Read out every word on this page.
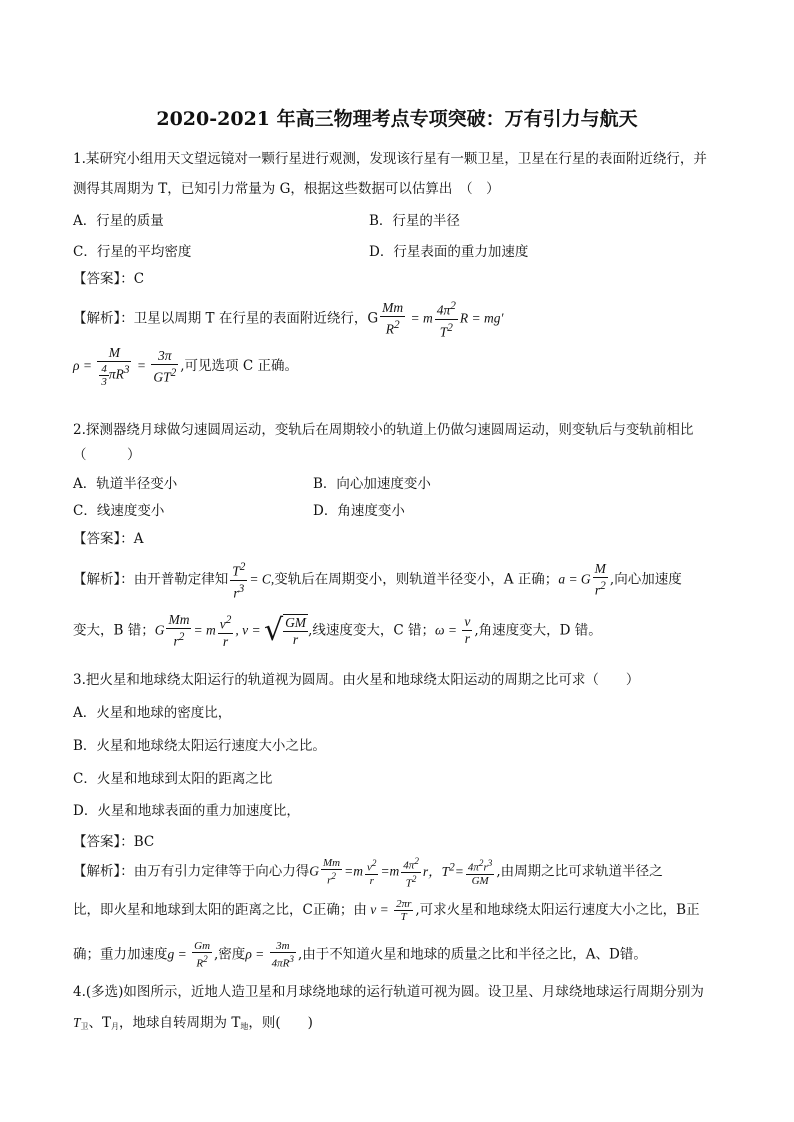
2020-2021 年高三物理考点专项突破：万有引力与航天
1.某研究小组用天文望远镜对一颗行星进行观测，发现该行星有一颗卫星，卫星在行星的表面附近绕行，并
测得其周期为 T，已知引力常量为 G，根据这些数据可以估算出　（　）
A．行星的质量	B．行星的半径
C．行星的平均密度	D．行星表面的重力加速度
【答案】：C
【解析】：卫星以周期 T 在行星的表面附近绕行，G $\frac{Mm}{R^2} = m \frac{4\pi^2}{T^2}$ R = mg′
$\rho = \frac{M}{\frac{4}{3} \pi R^3} = \frac{3\pi}{GT^2}$ ,可见选项 C 正确。
2.探测器绕月球做匀速圆周运动，变轨后在周期较小的轨道上仍做匀速圆周运动，则变轨后与变轨前相比
（　　　）
A．轨道半径变小	B．向心加速度变小
C．线速度变小	D．角速度变小
【答案】：A
【解析】：由开普勒定律知 $\frac{T^2}{r^3} = C$,变轨后在周期变小，则轨道半径变小，A 正确；a = G $\frac{M}{r^2}$ ,向心加速度
变大，B 错；G $\frac{Mm}{r^2} = m \frac{v^2}{r}$ , v = √ $\frac{GM}{r}$ ,线速度变大，C 错；$\omega = \frac{v}{r}$ ,角速度变大，D 错。
3.把火星和地球绕太阳运行的轨道视为圆周。由火星和地球绕太阳运动的周期之比可求（　　）
A．火星和地球的密度比，
B．火星和地球绕太阳运行速度大小之比。
C．火星和地球到太阳的距离之比
D．火星和地球表面的重力加速度比，
【答案】：BC
【解析】：由万有引力定律等于向心力得G $\frac{Mm}{r^2} =m \frac{v^2}{r} =m \frac{4\pi^2}{T^2}$ r，$T^2= \frac{4\pi^2r^3}{GM}$ ,由周期之比可求轨道半径之
比，即火星和地球到太阳的距离之比，C正确；由 $v = \frac{2\pi r}{T}$ ,可求火星和地球绕太阳运行速度大小之比，B正
确；重力加速度$g = \frac{Gm}{R^2}$ ,密度$\rho = \frac{3m}{4\pi R^3}$ ,由于不知道火星和地球的质量之比和半径之比，A、D错。
4.(多选)如图所示，近地人造卫星和月球绕地球的运行轨道可视为圆。设卫星、月球绕地球运行周期分别为
$T_卫$、$T_月$，地球自转周期为 $T_地$，则(　　)
